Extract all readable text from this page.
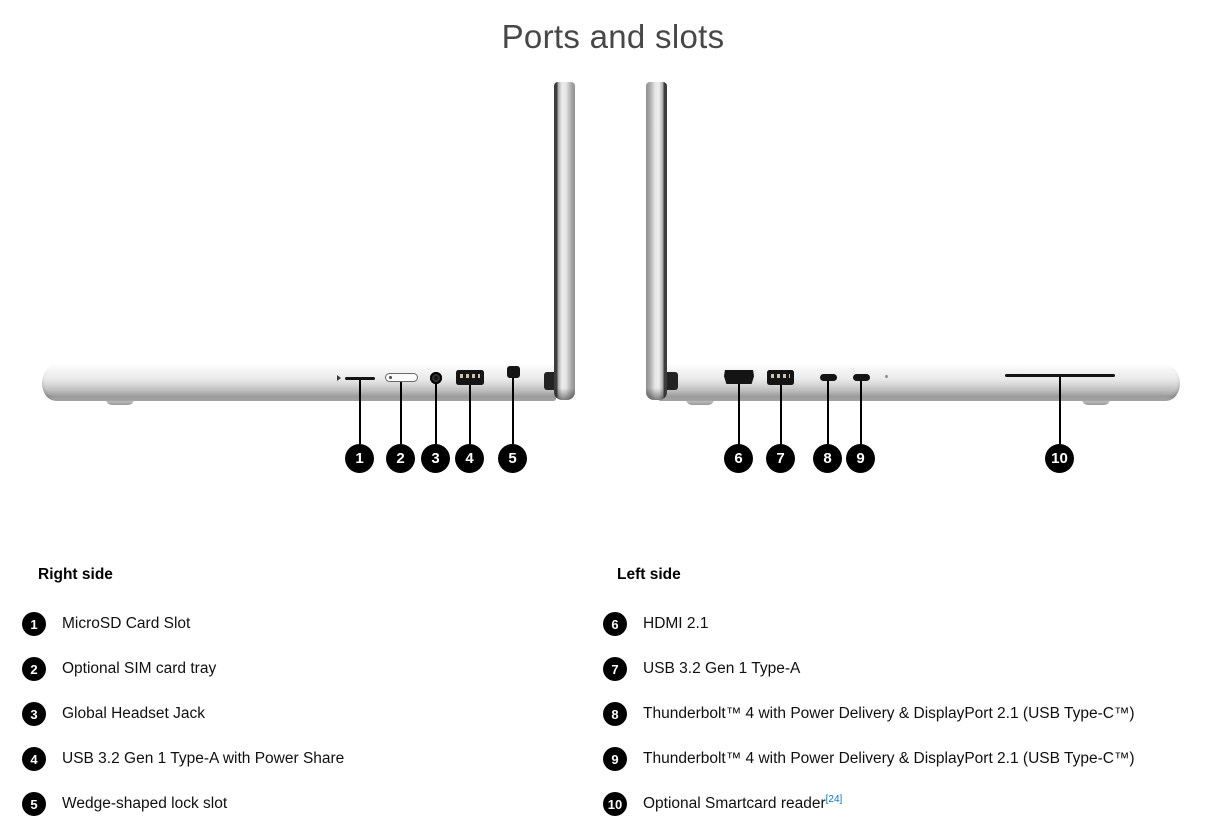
Ports and slots
1	2	3	4	5	6	7	8	9	10
Right side
1	MicroSD Card Slot
2	Optional SIM card tray
3	Global Headset Jack
4	USB 3.2 Gen 1 Type-A with Power Share
5	Wedge-shaped lock slot
Left side
6	HDMI 2.1
7	USB 3.2 Gen 1 Type-A
8	Thunderbolt™ 4 with Power Delivery & DisplayPort 2.1 (USB Type-C™)
9	Thunderbolt™ 4 with Power Delivery & DisplayPort 2.1 (USB Type-C™)
10	Optional Smartcard reader[24]
